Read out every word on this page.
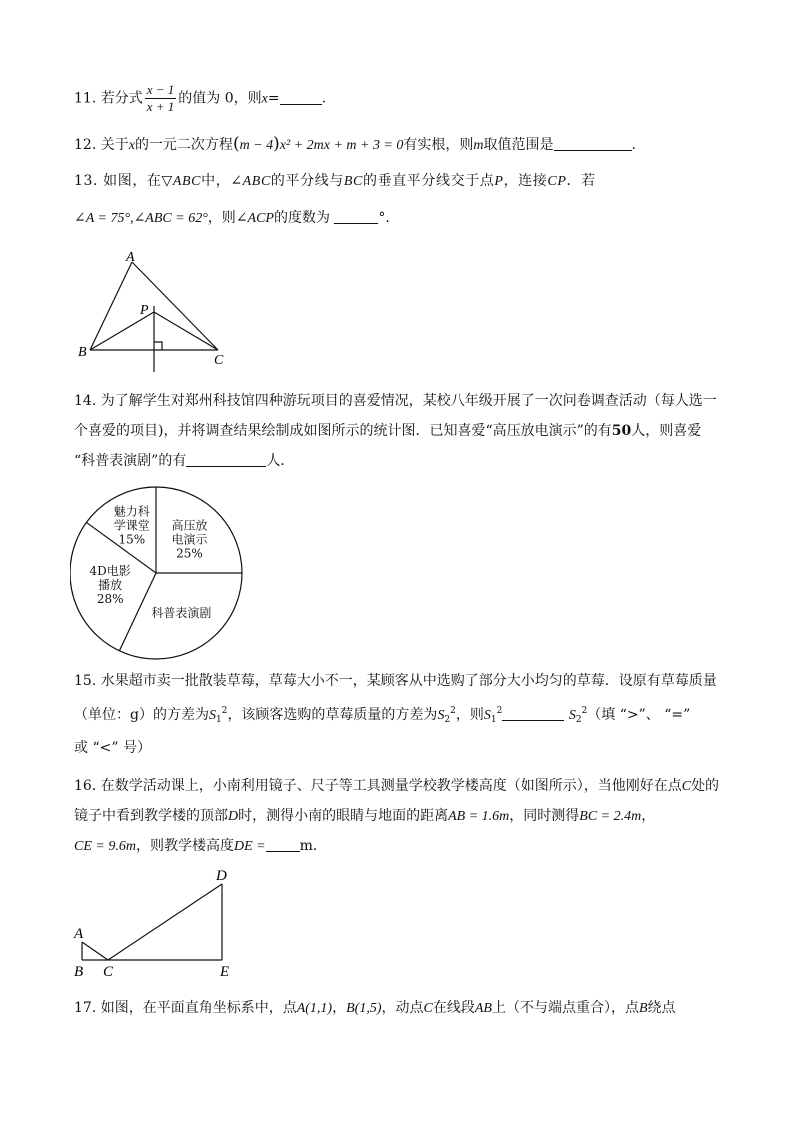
11. 若分式 $\frac{x - 1}{x + 1}$ 的值为 0，则x=	.
12. 关于x的一元二次方程(m − 4)x² + 2mx + m + 3 = 0有实根，则m取值范围是	.
13. 如图，在▽ABC中，∠ABC的平分线与BC的垂直平分线交于点P，连接CP．若
∠A = 75°,∠ABC = 62°，则∠ACP的度数为	°．
A
B
C
P
14. 为了解学生对郑州科技馆四种游玩项目的喜爱情况，某校八年级开展了一次问卷调查活动（每人选一
个喜爱的项目)，并将调查结果绘制成如图所示的统计图．已知喜爱“高压放电演示”的有50人，则喜爱
“科普表演剧”的有	人．
高压放
电演示
25%
科普表演剧
4D电影
播放
28%
魅力科
学课堂
15%
15. 水果超市卖一批散装草莓，草莓大小不一，某顾客从中选购了部分大小均匀的草莓．设原有草莓质量
（单位：g）的方差为$S_1^2$，该顾客选购的草莓质量的方差为$S_2^2$，则$S_1^2$	$S_2^2$（填 “>”、 “=”
或 “<” 号）
16. 在数学活动课上，小南利用镜子、尺子等工具测量学校教学楼高度（如图所示），当他刚好在点C处的
镜子中看到教学楼的顶部D时，测得小南的眼睛与地面的距离AB = 1.6m，同时测得BC = 2.4m，
CE = 9.6m，则教学楼高度DE = m．
A
B C
D
E
17. 如图，在平面直角坐标系中，点A(1,1)，B(1,5)，动点C在线段AB上（不与端点重合），点B绕点
